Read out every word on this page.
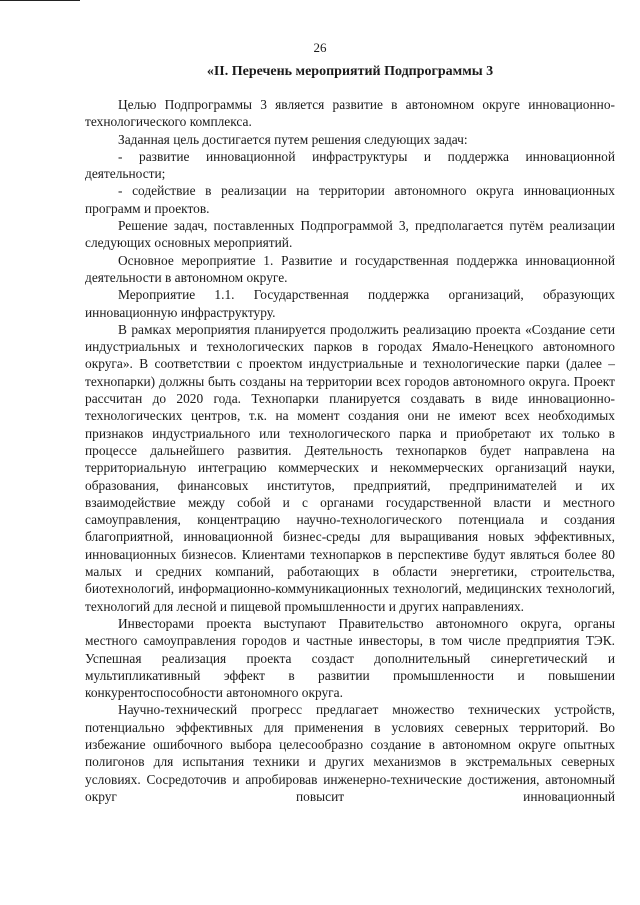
26
«II. Перечень мероприятий Подпрограммы 3

Целью Подпрограммы 3 является развитие в автономном округе инновационно-технологического комплекса.

Заданная цель достигается путем решения следующих задач:

- развитие инновационной инфраструктуры и поддержка инновационной деятельности;

- содействие в реализации на территории автономного округа инновационных программ и проектов.

Решение задач, поставленных Подпрограммой 3, предполагается путём реализации следующих основных мероприятий.

Основное мероприятие 1. Развитие и государственная поддержка инновационной деятельности в автономном округе.

Мероприятие 1.1. Государственная поддержка организаций, образующих инновационную инфраструктуру.

В рамках мероприятия планируется продолжить реализацию проекта «Создание сети индустриальных и технологических парков в городах Ямало-Ненецкого автономного округа». В соответствии с проектом индустриальные и технологические парки (далее – технопарки) должны быть созданы на территории всех городов автономного округа. Проект рассчитан до 2020 года. Технопарки планируется создавать в виде инновационно-технологических центров, т.к. на момент создания они не имеют всех необходимых признаков индустриального или технологического парка и приобретают их только в процессе дальнейшего развития. Деятельность технопарков будет направлена на территориальную интеграцию коммерческих и некоммерческих организаций науки, образования, финансовых институтов, предприятий, предпринимателей и их взаимодействие между собой и с органами государственной власти и местного самоуправления, концентрацию научно-технологического потенциала и создания благоприятной, инновационной бизнес-среды для выращивания новых эффективных, инновационных бизнесов. Клиентами технопарков в перспективе будут являться более 80 малых и средних компаний, работающих в области энергетики, строительства, биотехнологий, информационно-коммуникационных технологий, медицинских технологий, технологий для лесной и пищевой промышленности и других направлениях.

Инвесторами проекта выступают Правительство автономного округа, органы местного самоуправления городов и частные инвесторы, в том числе предприятия ТЭК. Успешная реализация проекта создаст дополнительный синергетический и мультипликативный эффект в развитии промышленности и повышении конкурентоспособности автономного округа.

Научно-технический прогресс предлагает множество технических устройств, потенциально эффективных для применения в условиях северных территорий. Во избежание ошибочного выбора целесообразно создание в автономном округе опытных полигонов для испытания техники и других механизмов в экстремальных северных условиях. Сосредоточив и апробировав инженерно-технические достижения, автономный округ повысит инновационный
